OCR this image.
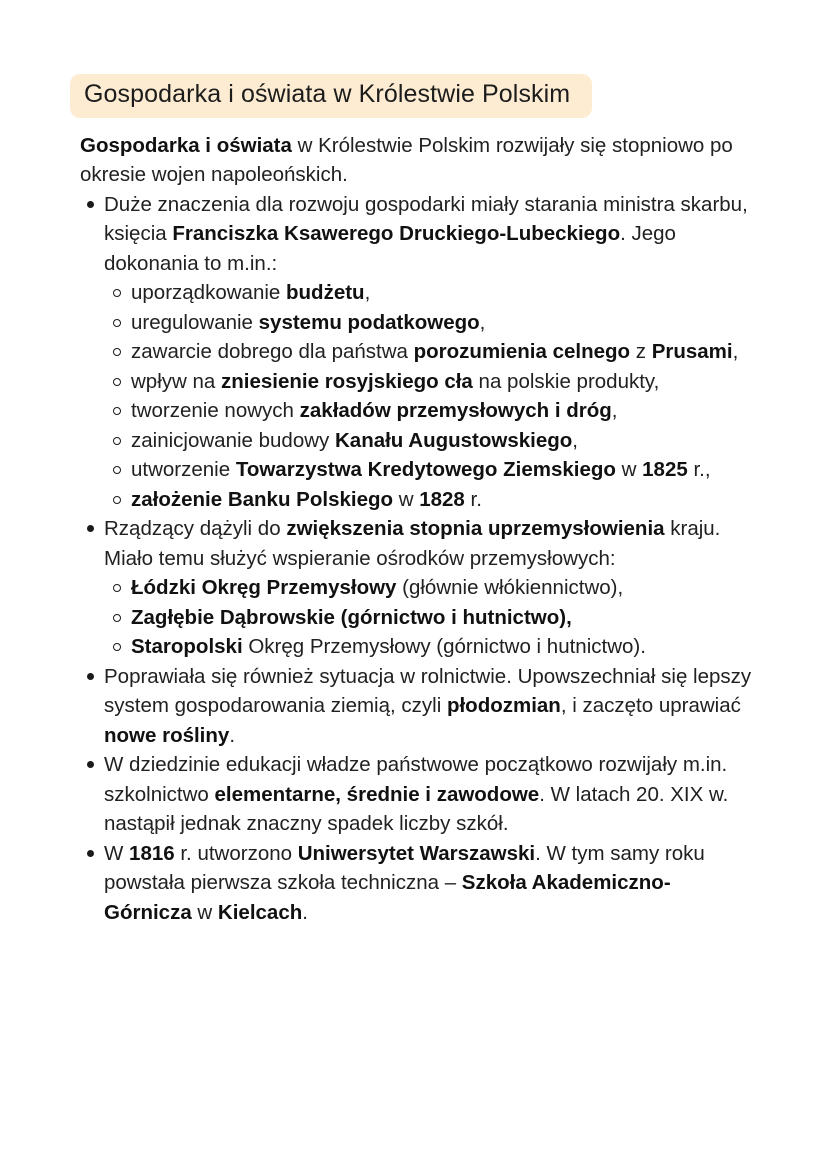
Gospodarka i oświata w Królestwie Polskim
Gospodarka i oświata w Królestwie Polskim rozwijały się stopniowo po okresie wojen napoleońskich.
Duże znaczenia dla rozwoju gospodarki miały starania ministra skarbu, księcia Franciszka Ksawerego Druckiego-Lubeckiego. Jego dokonania to m.in.:
uporządkowanie budżetu,
uregulowanie systemu podatkowego,
zawarcie dobrego dla państwa porozumienia celnego z Prusami,
wpływ na zniesienie rosyjskiego cła na polskie produkty,
tworzenie nowych zakładów przemysłowych i dróg,
zainicjowanie budowy Kanału Augustowskiego,
utworzenie Towarzystwa Kredytowego Ziemskiego w 1825 r.,
założenie Banku Polskiego w 1828 r.
Rządzący dążyli do zwiększenia stopnia uprzemysłowienia kraju. Miało temu służyć wspieranie ośrodków przemysłowych:
Łódzki Okręg Przemysłowy (głównie włókiennictwo),
Zagłębie Dąbrowskie (górnictwo i hutnictwo),
Staropolski Okręg Przemysłowy (górnictwo i hutnictwo).
Poprawiała się również sytuacja w rolnictwie. Upowszechniał się lepszy system gospodarowania ziemią, czyli płodozmian, i zaczęto uprawiać nowe rośliny.
W dziedzinie edukacji władze państwowe początkowo rozwijały m.in. szkolnictwo elementarne, średnie i zawodowe. W latach 20. XIX w. nastąpił jednak znaczny spadek liczby szkół.
W 1816 r. utworzono Uniwersytet Warszawski. W tym samy roku powstała pierwsza szkoła techniczna – Szkoła Akademiczno-Górnicza w Kielcach.
